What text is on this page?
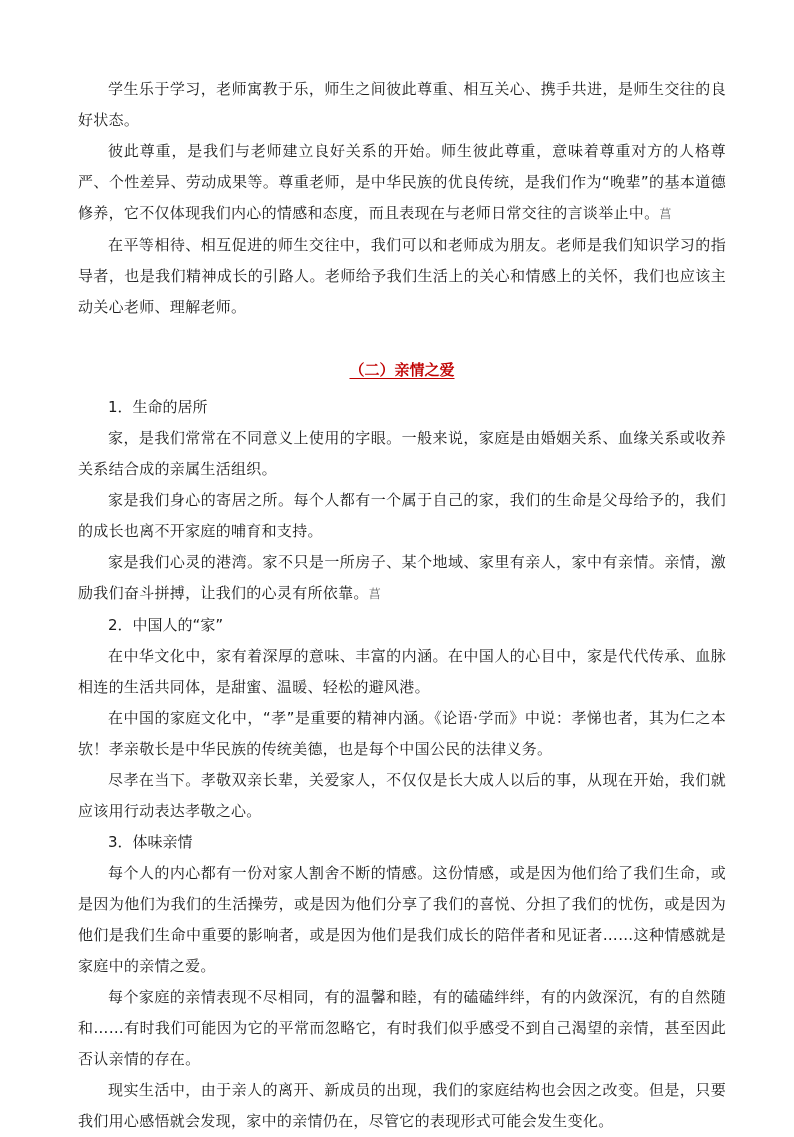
学生乐于学习，老师寓教于乐，师生之间彼此尊重、相互关心、携手共进，是师生交往的良好状态。

彼此尊重，是我们与老师建立良好关系的开始。师生彼此尊重，意味着尊重对方的人格尊严、个性差异、劳动成果等。尊重老师，是中华民族的优良传统，是我们作为“晚辈”的基本道德修养，它不仅体现我们内心的情感和态度，而且表现在与老师日常交往的言谈举止中。菖

在平等相待、相互促进的师生交往中，我们可以和老师成为朋友。老师是我们知识学习的指导者，也是我们精神成长的引路人。老师给予我们生活上的关心和情感上的关怀，我们也应该主动关心老师、理解老师。

（二）亲情之爱

1．生命的居所

家，是我们常常在不同意义上使用的字眼。一般来说，家庭是由婚姻关系、血缘关系或收养关系结合成的亲属生活组织。

家是我们身心的寄居之所。每个人都有一个属于自己的家，我们的生命是父母给予的，我们的成长也离不开家庭的哺育和支持。

家是我们心灵的港湾。家不只是一所房子、某个地域、家里有亲人，家中有亲情。亲情，激励我们奋斗拼搏，让我们的心灵有所依靠。菖

2．中国人的“家”

在中华文化中，家有着深厚的意味、丰富的内涵。在中国人的心目中，家是代代传承、血脉相连的生活共同体，是甜蜜、温暖、轻松的避风港。

在中国的家庭文化中，“孝”是重要的精神内涵。《论语·学而》中说：孝悌也者，其为仁之本欤！孝亲敬长是中华民族的传统美德，也是每个中国公民的法律义务。

尽孝在当下。孝敬双亲长辈，关爱家人，不仅仅是长大成人以后的事，从现在开始，我们就应该用行动表达孝敬之心。

3．体味亲情

每个人的内心都有一份对家人割舍不断的情感。这份情感，或是因为他们给了我们生命，或是因为他们为我们的生活操劳，或是因为他们分享了我们的喜悦、分担了我们的忧伤，或是因为他们是我们生命中重要的影响者，或是因为他们是我们成长的陪伴者和见证者……这种情感就是家庭中的亲情之爱。

每个家庭的亲情表现不尽相同，有的温馨和睦，有的磕磕绊绊，有的内敛深沉，有的自然随和……有时我们可能因为它的平常而忽略它，有时我们似乎感受不到自己渴望的亲情，甚至因此否认亲情的存在。

现实生活中，由于亲人的离开、新成员的出现，我们的家庭结构也会因之改变。但是，只要我们用心感悟就会发现，家中的亲情仍在，尽管它的表现形式可能会发生变化。
